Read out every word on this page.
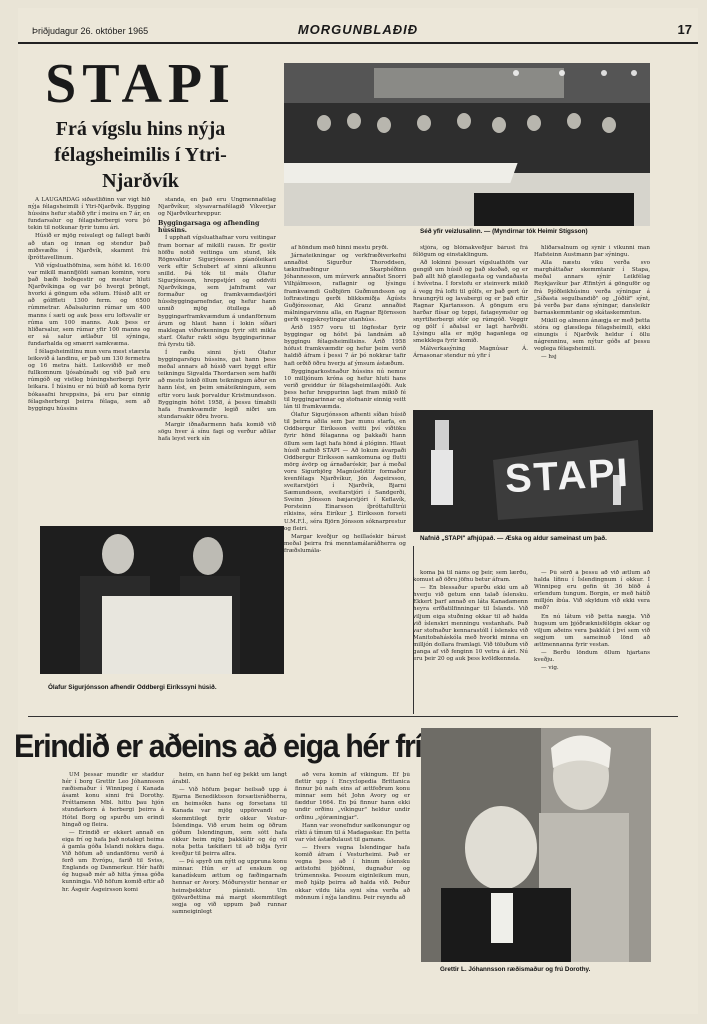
Þriðjudagur 26. október 1965	MORGUNBLAÐIÐ	17
STAPI
Frá vígslu hins nýja félagsheimilis í Ytri-Njarðvík

Á LAUGARDAG síðastliðinn var vígt hið nýja félagsheimili í Ytri-Njarðvík. Bygging hússins hefur staðið yfir í meira en 7 ár, en fundarsalur og félagsherbergi voru þó tekin til notkunar fyrir tumu ári.

Húsið er mjög reisulegt og fallegt bæði að utan og innan og stendur það miðsvæðis í Njarðvík, skammt frá íþróttavellinum.

Við vígsluathöfnina, sem hófst kl. 16:00 var mikill mannfjöldi saman kominn, voru það bæði boðsgestir og mestur hluti Njarðvíkinga og var þó hvergi þröngt, hvorki á göngum eða sölum. Húsið allt er að gólffleti 1300 ferm. og 6500 rúmmetrar. Aðalsalurinn rúmar um 400 manns í sæti og auk þess eru loftsvalir er rúma um 100 manns. Auk þess er hliðarsalur, sem rúmar yfir 100 manns og er sá salur ætlaður til sýninga, fundarhalda og smærri samkvæma.

Í félagsheimilinu mun vera mest stærsta leiksvið á landinu, er það um 130 fermetra og 16 metra hátt. Leiksviðið er með fullkomnum ljósabúnaði og við það eru rúmgóð og vistleg búningsherbergi fyrir leikara. Í húsinu er nú búið að koma fyrir bókasafni hreppsins, þá eru þar einnig félagsherbergi þeirra félaga, sem að byggingu hússins

standa, en það eru Ungmennafélag Njarðvíkur, slysavarnafélagið Víkverjar og Njarðvíkurhreppur.

Byggingarsaga og afhending hússins.

Í upphafi vígsluathafnar voru veitingar fram bornar af mikilli rausn. Er gestir höfðu notið veitinga um stund, lék Rögnvaldur Sigurjónsson píanóleikari verk eftir Schubert af sinni alkunnu snilld. Þá tók til máls Ólafur Sigurjónsson, hreppstjóri og oddviti Njarðvíkinga, sem jafnframt var formaður og framkvæmdastjóri hússbyggingarnefndar, og hefur hann unnið mjög ötullega að byggingarframkvæmdum á undanförnum árum og hlaut hann í lokin síðari maklegan viðurkenningu fyrir sitt mikla starf. Ólafur rakti sögu byggingarinnar frá fyrstu tíð.

Í ræðu sinni lýsti Ólafur byggingarsögu hússins, gat hann þess meðal annars að húsið væri byggt eftir teikningu Sigvalda Thordarsen sem hafði að mestu lokið öllum teikningum áður en hann lést, en þeim smáteikningum, sem eftir voru lauk þorvaldur Kristmundsson. Byggingin hófst 1958, á þessu tímabili hafa framkvæmdir legið niðri um stundarsakir öðru hvoru.

Margir iðnaðarmenn hafa komið við sögu hver á sínu fagi og verður aðilar hafa leyst verk sín

Séð yfir veizlusalinn. — (Myndirnar tók Heimir Stígsson)

af höndum með hinni mestu prýði.

Járnateikningar og verkfræðiverkefni annaðist Sigurður Thoroddsen, tæknifræðingur Skarphéðinn Jóhannesson, um múrverk annaðist Snorri Vilhjálmsson, raflagnir og lýsingu framkvæmdi Guðbjörn Guðmundsson og loftræstingu gerði blikksmiðja Ágústs Guðjónssonar, Aki Granz annaðist málningarvinnu alla, en Ragnar Björnsson gerði veggskreytingar utanhúss.

Árið 1957 voru til lögfestar fyrir byggingar og hófst þá landnám að byggingu félagsheimilisins. Árið 1958 hófust framkvæmdir og hefur þeim verið haldið áfram í þessi 7 ár þó nokkrar tafir hafi orðið öðru hverju af ýmsum ástæðum.

Byggingarkostnaður hússins nú nemur 10 milljónum króna og hefur hluti hans verið greiddur úr félagsheimilasjóði. Auk þess hefur hreppurinn lagt fram mikið fé til byggingarinnar og stofnanir einnig veitt lán til framkvæmda.

Ólafur Sigurjónsson afhenti síðan húsið til þeirra aðila sem þar munu starfa, en Oddbergur Eiríksson veitti því viðtöku fyrir hönd félaganna og þakkaði hann öllum sem lagt hafa hönd á plóginn. Hlaut húsið nafnið STAPI — Að lokum ávarpaði Oddbergur Eiríksson samkomuna og flutti mörg ávörp og árnaðaróskir, þar á meðal voru Sigurbjörg Magnúsdóttir formaður kvenfélags Njarðvíkur, Jón Ásgeirsson, sveitarstjóri í Njarðvík, Bjarni Sæmundsson, sveitarstjóri í Sandgerði, Sveinn Jónsson bæjarstjóri í Keflavík, Þorsteinn Einarsson íþróttafulltrúi ríkisins, séra Eiríkur J. Eiríksson forseti U.M.F.Í., séra Björn Jónsson sóknarprestur og fleiri.

Margar kveðjur og heillaóskir bárust meðal þeirra frá menntamálaráðherra og fræðslumála-

stjóra, og blómakveðjur bárust frá félögum og einstaklingum.

Að lokinni þessari vígsluathöfn var gengið um húsið og það skoðað, og er það allt hið glæsilegasta og vandaðasta í hvívetna. Í forstofu er steinverk mikið á vegg frá lofti til gólfs, er það gert úr hraungrýti og lavabergi og er það eftir Ragnar Kjartansson. Á göngum eru harðar flísar og teppi, fatageymslur og snyrtiherbergi stór og rúmgóð. Veggir og gólf í aðalsal er lagt harðviði. Lýsingu alla er mjög haganlega og smekklega fyrir komið.

Málverkasýning Magnúsar Á. Árnasonar stendur nú yfir í

hliðarsalnum og sýnir í vikunni man Hafsteinn Austmann þar sýningu.

Alla næstu viku verða svo margháttaðar skemmtanir í Stapa, meðal annars sýnir Leikfélag Reykjavíkur þar Æfintýri á gönguför og frá Þjóðleikhúsinu verða sýningar á „Síðasta segulbandið" og „Jóðlíf" sýnt, þá verða þar dans sýningar, dansleikir barnaskemmtanir og skátaskemmtun.

Mikill og almenn ánægja er með þetta stóra og glæsilega félagsheimili, ekki einungis í Njarðvík heldur í öllu nágrenninu, sem nýtur góðs af þessu veglega félagsheimili.

— hsj

STAPI
Nafnið „STAPI" afhjúpað. — Æska og aldur sameinast um það.
Ólafur Sigurjónsson afhendir Oddbergi Eiríkssyni húsið.

koma þá til náms og þeir, sem lærðu, komust að öðru jöfnu betur áfram.

— En blessaður spurðu ekki um að hverju við getum enn talað íslensku. Ekkert þarf annað en láta Kanadamenn heyra erfðatilfinningar til Íslands. Við viljum eiga stuðning okkar til að halda við íslenskri menningu vestanhafs. Það var stofnaður kennarastóll í íslensku við Manitobaháskóla með hvorki minna en milljón dollara framlagi. Við töluðum við ganga af við fenginn 10 vetra á ári. Nú eru þeir 20 og auk þess kvöldkennsla.

— Þú sérð á þessu að við ætlum að halda lífinu í Íslendingnum í okkur. Í Winnipeg eru gefin út 36 blöð á erlendum tungum. Borgin, er með hátíð milljón íbúa. Við skyldum við ekki vera með?

En nú látum við þetta nægja. Við hugsum um þjóðræknisfélögin okkar og viljum aðeins vera þakklát í því sem við segjum um sameinuð lönd að ættmennanna fyrir vestan.

— Berðu löndum öllum hjartans kveðju.

— vig.

Erindið er aðeins að eiga hér frí

UM þessar mundir er staddur hér í borg Grettir Leo Jóhannsson ræðismaður í Winnipeg í Kanada ásamt konu sinni frú Dorothy. Fréttamenn Mbl. hittu þau hjón stundarkorn á herbergi þeirra á Hótel Borg og spurðu um erindi hingað og fleira.

— Erindið er ekkert annað en eiga frí og hafa það notalegt heima á gamla góða Íslandi nokkra daga. Við höfum að undanförnu verið á ferð um Evrópu, farið til Sviss, Englands og Danmerkur. Hér hafði ég hugsað mér að hitta ýmsa góða kunningja. Við höfum komið eftir að hr. Ásgeir Ásgeirsson komi

heim, en hann hef ég þekkt um langt árabil.

— Við höfum þegar heilsað upp á Bjarna Benediktsson forsætisráðherra, en heimsókn hans og forsetans til Kanada var mjög uppörvandi og skemmtilegt fyrir okkur Vestur-Íslendinga. Við erum heim og öðrum góðum Íslendingum, sem sótt hafa okkur heim mjög þakklátir og ég vil nota þetta tækifæri til að biðja fyrir kveðjur til þeirra allra.

— Þú spyrð um nýtt og uppruna konu minnar. Hún er af enskum og kanadískum ættum og fæðingarnafn hennar er Avory. Móðursystir hennar er heimsþekktur píanisti. Um fjölvarðettina má margt skemmtilegt segja og við uppum það runnar samneiginlegt

að vera komin af víkingum. Ef þú flettir upp í Encyclopedia Brittanica finnur þú nafn eins af ættfeðrum konu minnar sem hét John Avory og er fæddur 1664. En þú finnur hann ekki undir orðinu „víkingur" heldur undir orðinu „sjóræningjar".

Hann var svonefndur sælkonungur og ríkti á tímum til á Madagaskar. En þetta var víst ástæðulaust til gamans.

— Hvers vegna Íslendingar hafa komið áfram í Vesturheimi. Það er vegna þess að í hinum íslensku ættstofni þjóðinni, dugnaður og trúmennska. Þessum eiginleikum mun, með hjálp þeirra að halda við. Þeður okkar vildu láta syni sína verða að mönnum í nýja landinu. Þeir reyndu að

Grettir L. Jóhannsson ræðismaður og frú Dorothy.
